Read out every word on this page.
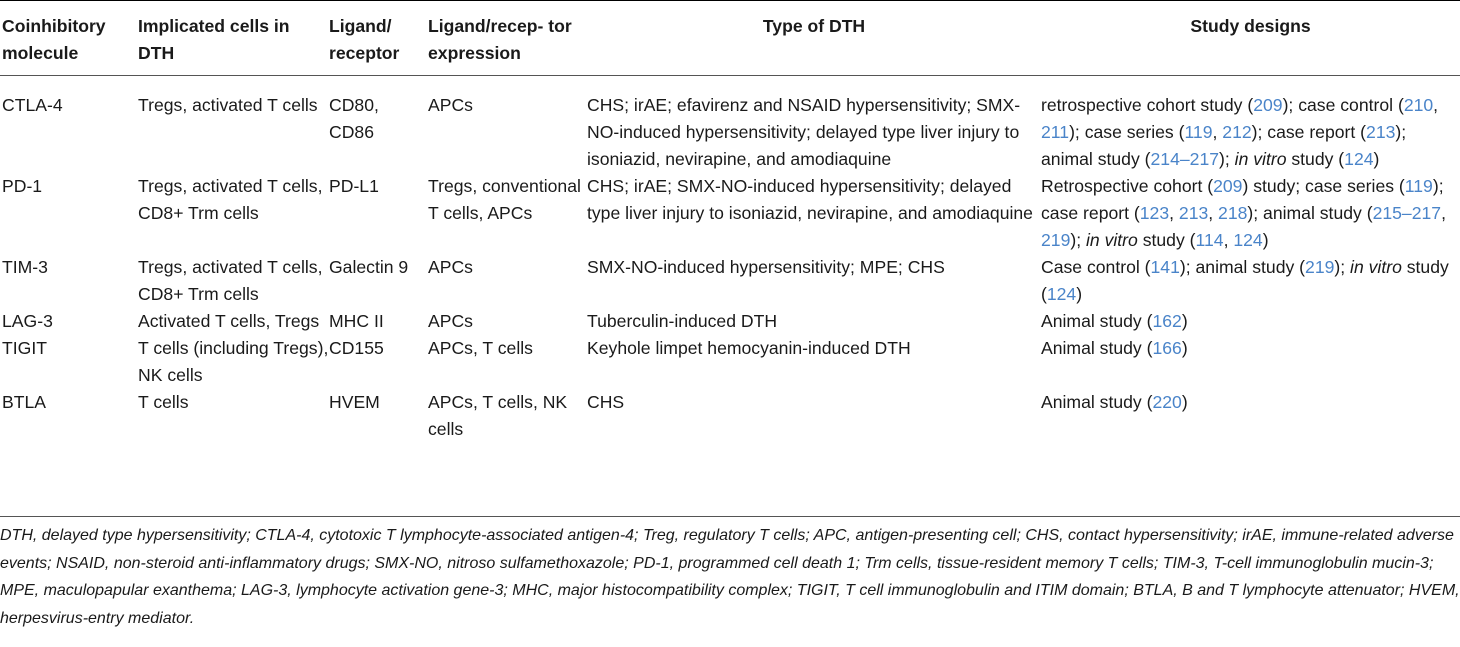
Coinhibitory molecule	Implicated cells in DTH	Ligand/ receptor	Ligand/recep- tor expression	Type of DTH	Study designs
CTLA-4	Tregs, activated T cells	CD80, CD86	APCs	CHS; irAE; efavirenz and NSAID hypersensitivity; SMX-NO-induced hypersensitivity; delayed type liver injury to isoniazid, nevirapine, and amodiaquine	retrospective cohort study (209); case control (210, 211); case series (119, 212); case report (213); animal study (214–217); in vitro study (124)
PD-1	Tregs, activated T cells, CD8+ Trm cells	PD-L1	Tregs, conventional T cells, APCs	CHS; irAE; SMX-NO-induced hypersensitivity; delayed type liver injury to isoniazid, nevirapine, and amodiaquine	Retrospective cohort (209) study; case series (119); case report (123, 213, 218); animal study (215–217, 219); in vitro study (114, 124)
TIM-3	Tregs, activated T cells, CD8+ Trm cells	Galectin 9	APCs	SMX-NO-induced hypersensitivity; MPE; CHS	Case control (141); animal study (219); in vitro study (124)
LAG-3	Activated T cells, Tregs	MHC II	APCs	Tuberculin-induced DTH	Animal study (162)
TIGIT	T cells (including Tregs), NK cells	CD155	APCs, T cells	Keyhole limpet hemocyanin-induced DTH	Animal study (166)
BTLA	T cells	HVEM	APCs, T cells, NK cells	CHS	Animal study (220)
DTH, delayed type hypersensitivity; CTLA-4, cytotoxic T lymphocyte-associated antigen-4; Treg, regulatory T cells; APC, antigen-presenting cell; CHS, contact hypersensitivity; irAE, immune-related adverse events; NSAID, non-steroid anti-inflammatory drugs; SMX-NO, nitroso sulfamethoxazole; PD-1, programmed cell death 1; Trm cells, tissue-resident memory T cells; TIM-3, T-cell immunoglobulin mucin-3; MPE, maculopapular exanthema; LAG-3, lymphocyte activation gene-3; MHC, major histocompatibility complex; TIGIT, T cell immunoglobulin and ITIM domain; BTLA, B and T lymphocyte attenuator; HVEM, herpesvirus-entry mediator.
